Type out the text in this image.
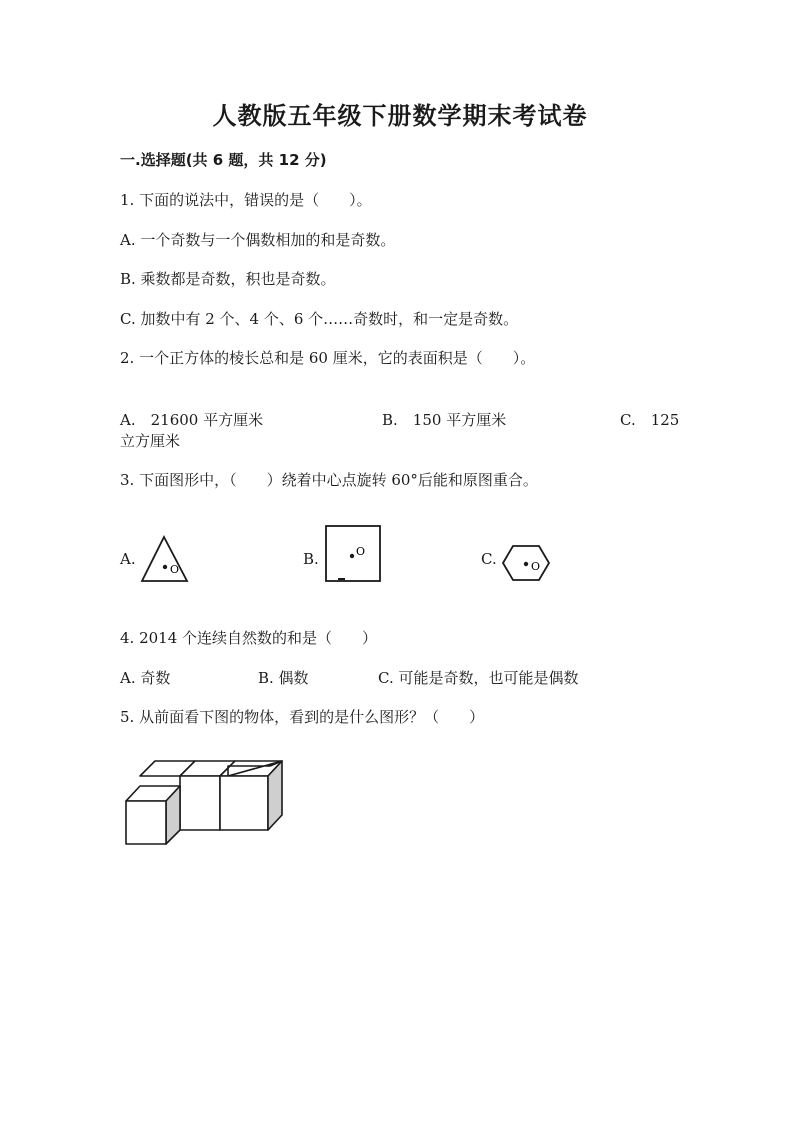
人教版五年级下册数学期末考试卷
一.选择题(共 6 题，共 12 分)
1. 下面的说法中，错误的是（　　）。
A. 一个奇数与一个偶数相加的和是奇数。
B. 乘数都是奇数，积也是奇数。
C. 加数中有 2 个、4 个、6 个……奇数时，和一定是奇数。
2. 一个正方体的棱长总和是 60 厘米，它的表面积是（　　）。
A.　21600 平方厘米	B.　150 平方厘米	C.　125
立方厘米
3. 下面图形中，（　　）绕着中心点旋转 60°后能和原图重合。
A.
O
B.	O	C.	O
4. 2014 个连续自然数的和是（　　）
A. 奇数	B. 偶数	C. 可能是奇数，也可能是偶数
5. 从前面看下图的物体，看到的是什么图形？（　　）
